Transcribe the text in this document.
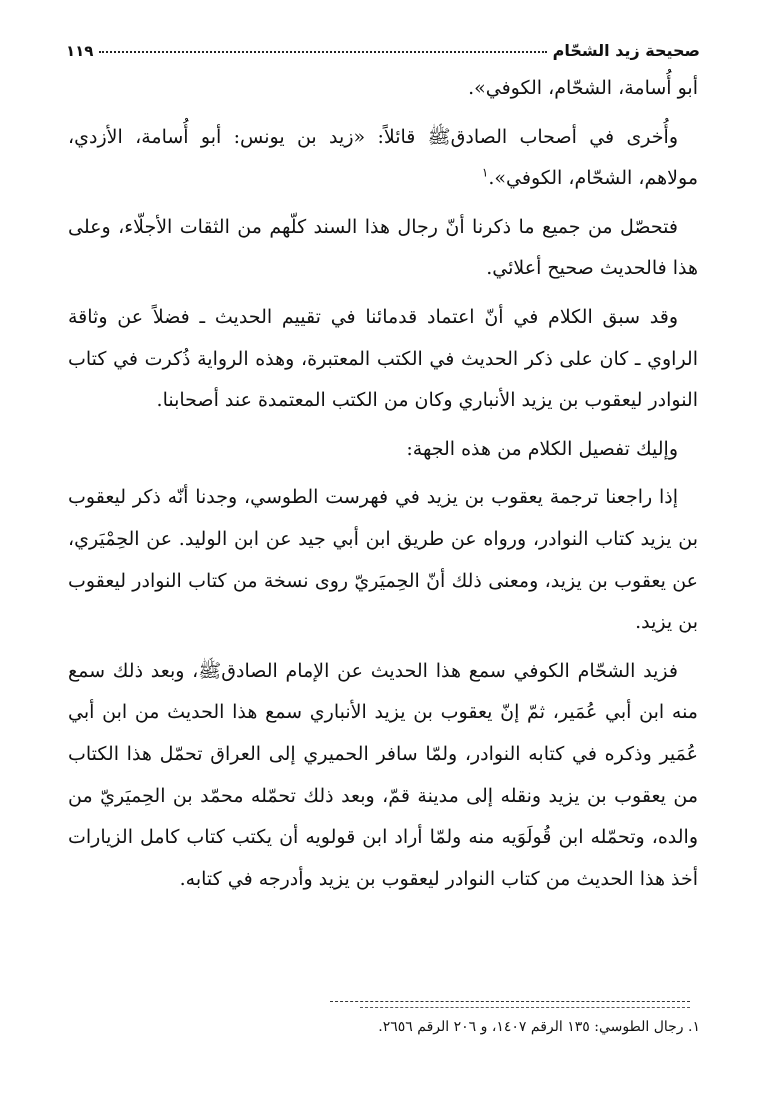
صحيحة زيد الشحّام
١١٩

أبو أُسامة، الشحّام، الكوفي».

وأُخرى في أصحاب الصادقﷺ قائلاً: «زيد بن يونس: أبو أُسامة، الأزدي، مولاهم، الشحّام، الكوفي».$^١$

فتحصّل من جميع ما ذكرنا أنّ رجال هذا السند كلّهم من الثقات الأجلّاء، وعلى هذا فالحديث صحيح أعلائي.

وقد سبق الكلام في أنّ اعتماد قدمائنا في تقييم الحديث ـ فضلاً عن وثاقة الراوي ـ كان على ذكر الحديث في الكتب المعتبرة، وهذه الرواية ذُكرت في كتاب النوادر ليعقوب بن يزيد الأنباري وكان من الكتب المعتمدة عند أصحابنا.

وإليك تفصيل الكلام من هذه الجهة:

إذا راجعنا ترجمة يعقوب بن يزيد في فهرست الطوسي، وجدنا أنّه ذكر ليعقوب بن يزيد كتاب النوادر، ورواه عن طريق ابن أبي جيد عن ابن الوليد. عن الحِمْيَري، عن يعقوب بن يزيد، ومعنى ذلك أنّ الحِميَريّ روى نسخة من كتاب النوادر ليعقوب بن يزيد.

فزيد الشحّام الكوفي سمع هذا الحديث عن الإمام الصادقﷺ، وبعد ذلك سمع منه ابن أبي عُمَير، ثمّ إنّ يعقوب بن يزيد الأنباري سمع هذا الحديث من ابن أبي عُمَير وذكره في كتابه النوادر، ولمّا سافر الحميري إلى العراق تحمّل هذا الكتاب من يعقوب بن يزيد ونقله إلى مدينة قمّ، وبعد ذلك تحمّله محمّد بن الحِميَريّ من والده، وتحمّله ابن قُولَوَيه منه ولمّا أراد ابن قولويه أن يكتب كتاب كامل الزيارات أخذ هذا الحديث من كتاب النوادر ليعقوب بن يزيد وأدرجه في كتابه.

١. رجال الطوسي: ١٣٥ الرقم ١٤٠٧، و ٢٠٦ الرقم ٢٦٥٦.
